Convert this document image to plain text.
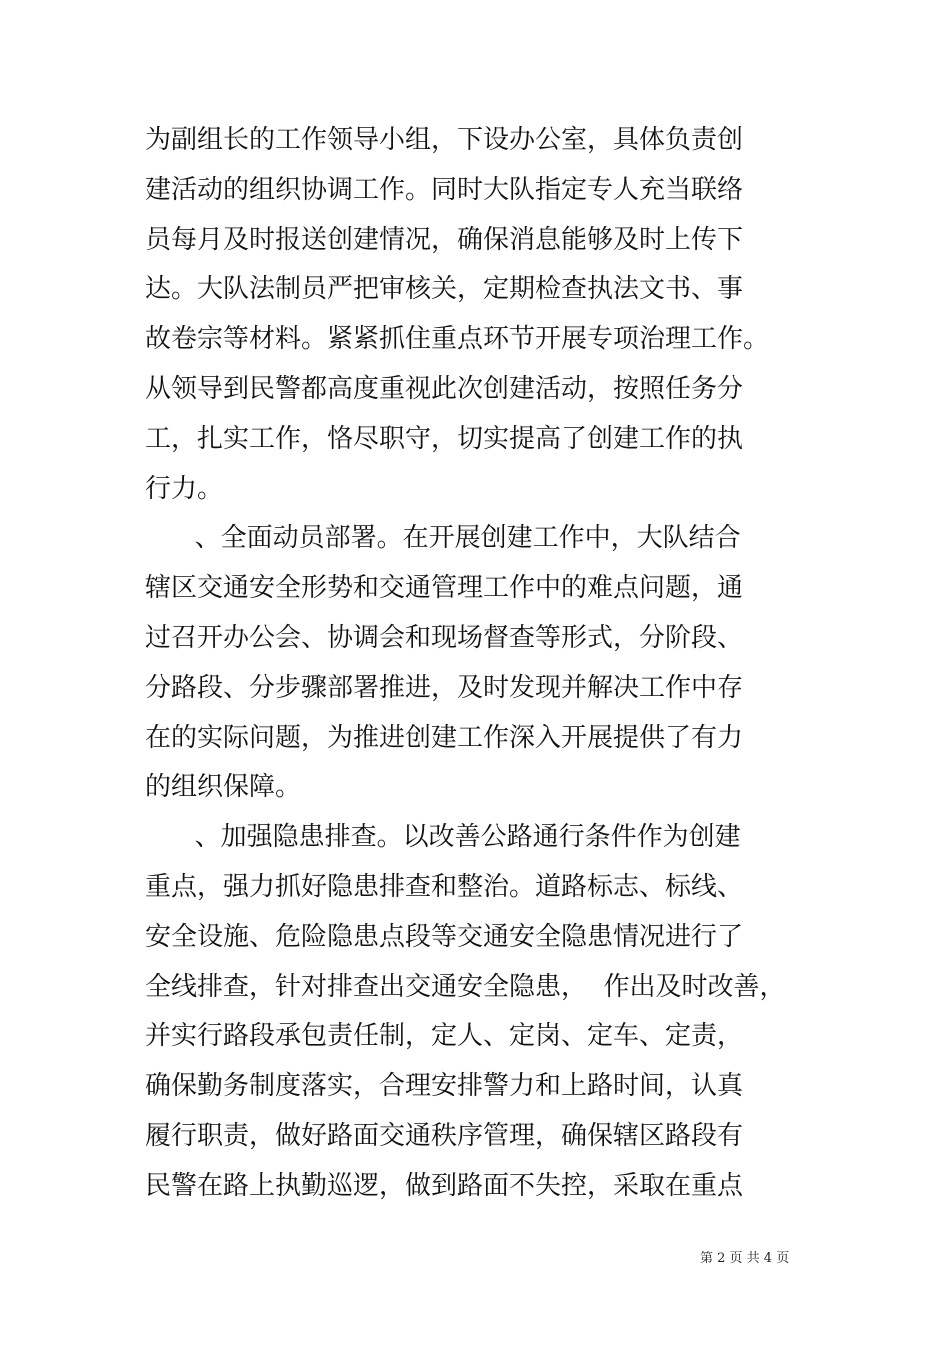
为副组长的工作领导小组，下设办公室，具体负责创
建活动的组织协调工作。同时大队指定专人充当联络
员每月及时报送创建情况，确保消息能够及时上传下
达。大队法制员严把审核关，定期检查执法文书、事
故卷宗等材料。紧紧抓住重点环节开展专项治理工作。
从领导到民警都高度重视此次创建活动，按照任务分
工，扎实工作，恪尽职守，切实提高了创建工作的执
行力。
、全面动员部署。在开展创建工作中，大队结合
辖区交通安全形势和交通管理工作中的难点问题，通
过召开办公会、协调会和现场督查等形式，分阶段、
分路段、分步骤部署推进，及时发现并解决工作中存
在的实际问题，为推进创建工作深入开展提供了有力
的组织保障。
、加强隐患排查。以改善公路通行条件作为创建
重点，强力抓好隐患排查和整治。道路标志、标线、
安全设施、危险隐患点段等交通安全隐患情况进行了
全线排查，针对排查出交通安全隐患，  作出及时改善，
并实行路段承包责任制，定人、定岗、定车、定责，
确保勤务制度落实，合理安排警力和上路时间，认真
履行职责，做好路面交通秩序管理，确保辖区路段有
民警在路上执勤巡逻，做到路面不失控，采取在重点
第 2 页 共 4 页
